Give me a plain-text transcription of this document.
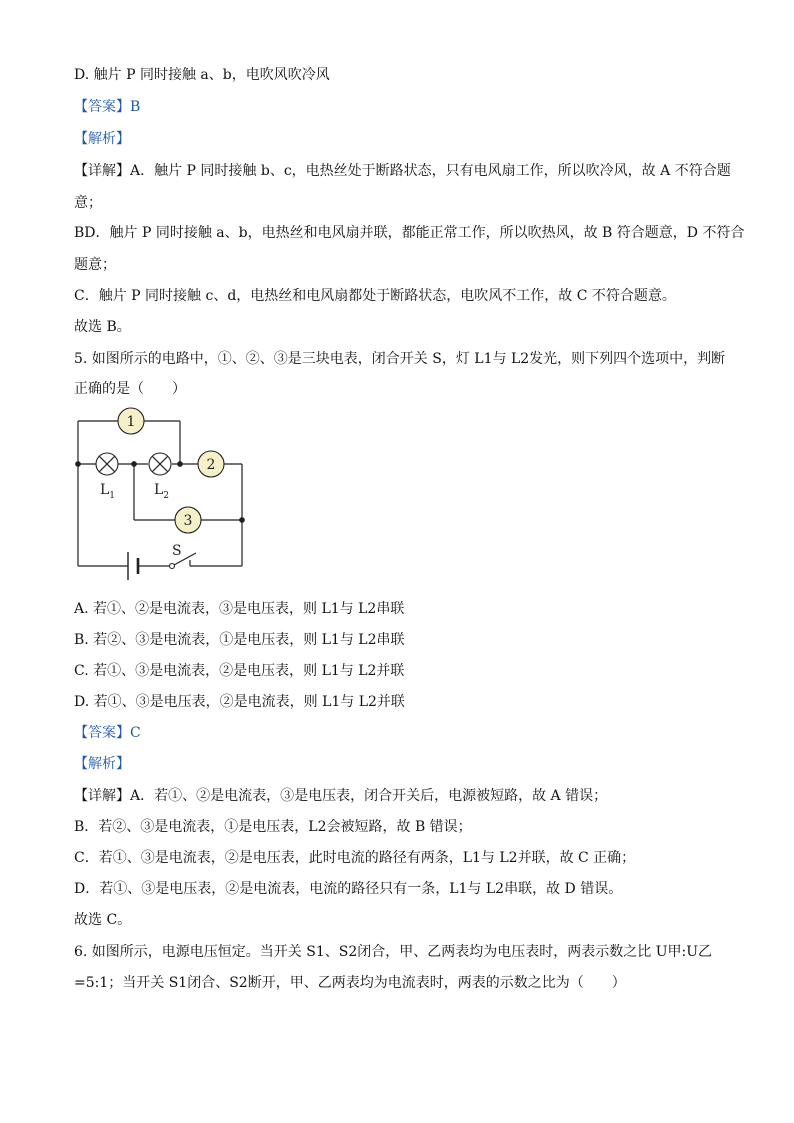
D. 触片 P 同时接触 a、b，电吹风吹冷风
【答案】B
【解析】
【详解】A．触片 P 同时接触 b、c，电热丝处于断路状态，只有电风扇工作，所以吹冷风，故 A 不符合题
意；
BD．触片 P 同时接触 a、b，电热丝和电风扇并联，都能正常工作，所以吹热风，故 B 符合题意，D 不符合
题意；
C．触片 P 同时接触 c、d，电热丝和电风扇都处于断路状态，电吹风不工作，故 C 不符合题意。
故选 B。
5. 如图所示的电路中，①、②、③是三块电表，闭合开关 S，灯 L1与 L2发光，则下列四个选项中，判断
正确的是（　　）
1
2
3
$L_1$	$L_2$
S
A. 若①、②是电流表，③是电压表，则 L1与 L2串联
B. 若②、③是电流表，①是电压表，则 L1与 L2串联
C. 若①、③是电流表，②是电压表，则 L1与 L2并联
D. 若①、③是电压表，②是电流表，则 L1与 L2并联
【答案】C
【解析】
【详解】A．若①、②是电流表，③是电压表，闭合开关后，电源被短路，故 A 错误；
B．若②、③是电流表，①是电压表，L2会被短路，故 B 错误；
C．若①、③是电流表，②是电压表，此时电流的路径有两条，L1与 L2并联，故 C 正确；
D．若①、③是电压表，②是电流表，电流的路径只有一条，L1与 L2串联，故 D 错误。
故选 C。
6. 如图所示，电源电压恒定。当开关 S1、S2闭合，甲、乙两表均为电压表时，两表示数之比 U甲:U乙
=5:1；当开关 S1闭合、S2断开，甲、乙两表均为电流表时，两表的示数之比为（　　）
